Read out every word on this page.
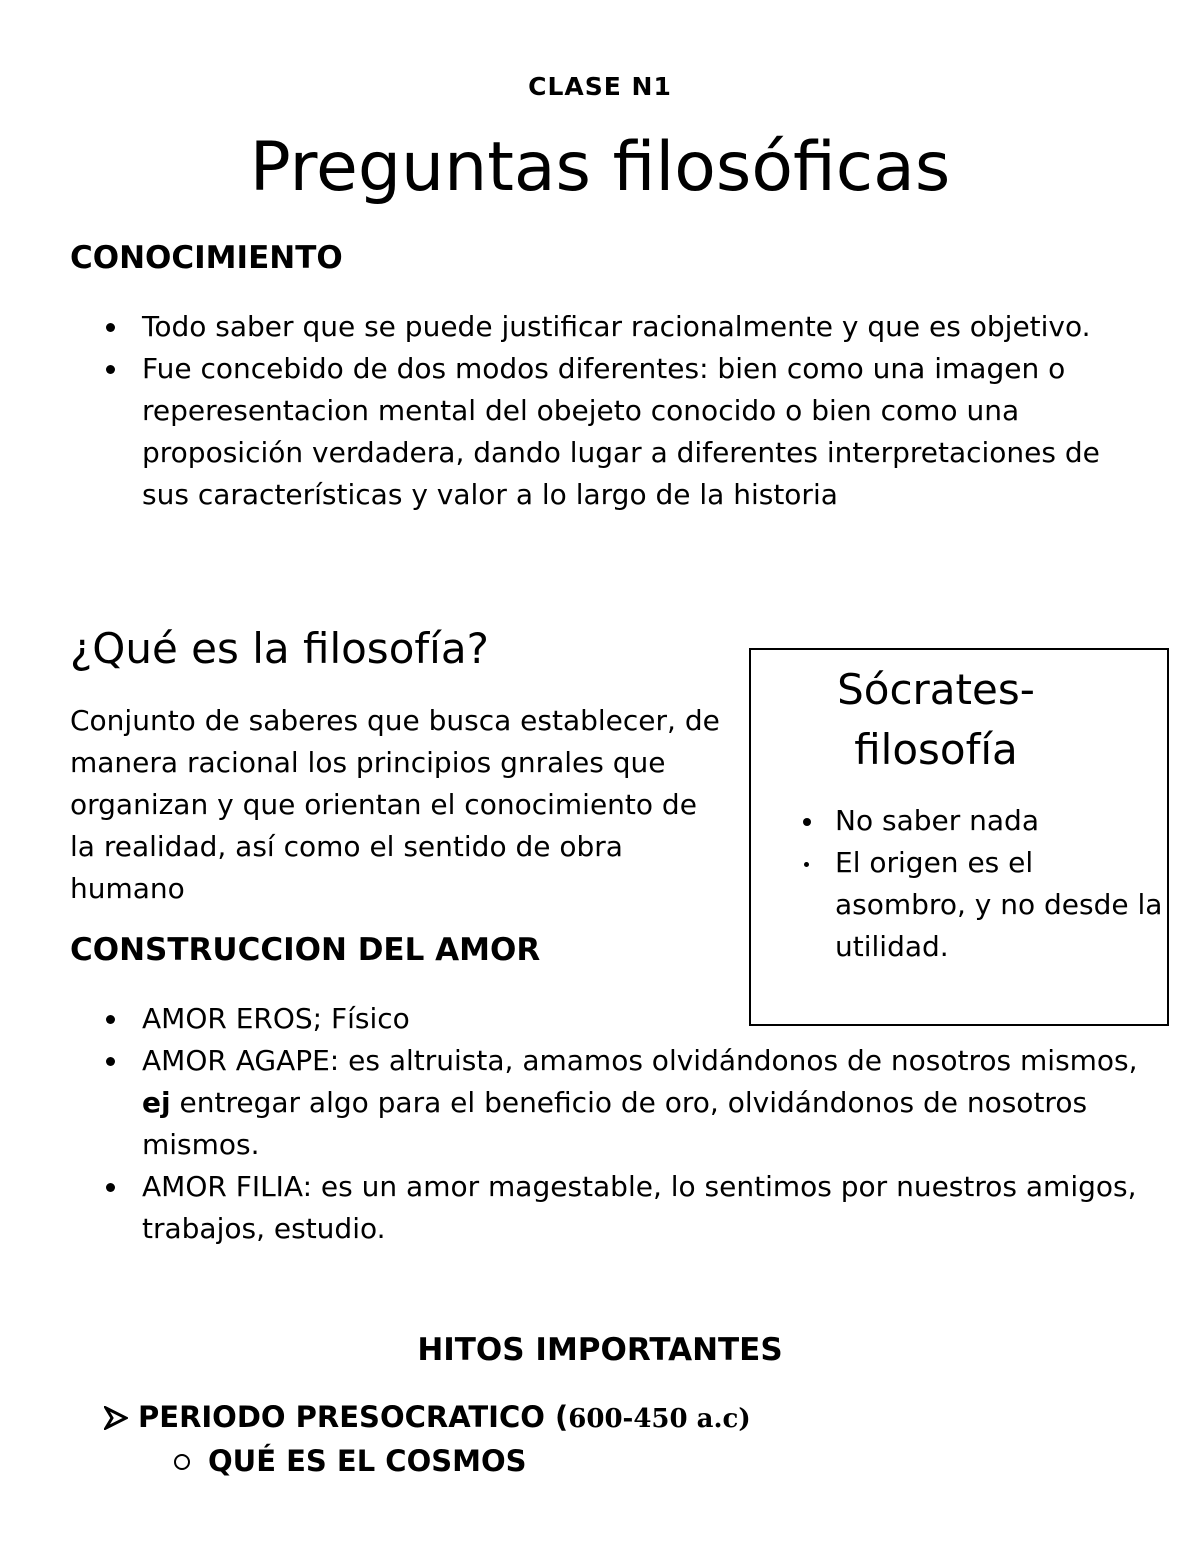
CLASE N1

Preguntas filosóficas
CONOCIMIENTO
Todo saber que se puede justificar racionalmente y que es objetivo.
Fue concebido de dos modos diferentes: bien como una imagen o reperesentacion mental del obejeto conocido o bien como una proposición verdadera, dando lugar a diferentes interpretaciones de sus características y valor a lo largo de la historia
¿Qué es la filosofía?

Conjunto de saberes que busca establecer, de manera racional los principios gnrales que organizan y que orientan el conocimiento de la realidad, así como el sentido de obra humano

Sócrates-filosofía
No saber nada
El origen es el asombro, y no desde la utilidad.
CONSTRUCCION DEL AMOR
AMOR EROS; Físico
AMOR AGAPE: es altruista, amamos olvidándonos de nosotros mismos, ej entregar algo para el beneficio de oro, olvidándonos de nosotros mismos.
AMOR FILIA: es un amor magestable, lo sentimos por nuestros amigos, trabajos, estudio.
HITOS IMPORTANTES
PERIODO PRESOCRATICO (600-450 a.c)
QUÉ ES EL COSMOS
